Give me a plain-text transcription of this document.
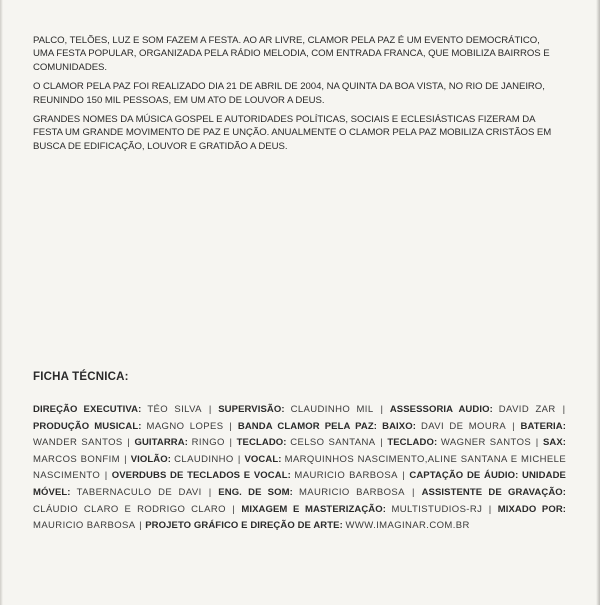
PALCO, TELÕES, LUZ E SOM FAZEM A FESTA. AO AR LIVRE, CLAMOR PELA PAZ É UM EVENTO DEMOCRÁTICO, UMA FESTA POPULAR, ORGANIZADA PELA RÁDIO MELODIA, COM ENTRADA FRANCA, QUE MOBILIZA BAIRROS E COMUNIDADES.

O CLAMOR PELA PAZ FOI REALIZADO DIA 21 DE ABRIL DE 2004, NA QUINTA DA BOA VISTA, NO RIO DE JANEIRO, REUNINDO 150 MIL PESSOAS, EM UM ATO DE LOUVOR A DEUS.

GRANDES NOMES DA MÚSICA GOSPEL E AUTORIDADES POLÍTICAS, SOCIAIS E ECLESIÁSTICAS FIZERAM DA FESTA UM GRANDE MOVIMENTO DE PAZ E UNÇÃO. ANUALMENTE O CLAMOR PELA PAZ MOBILIZA CRISTÃOS EM BUSCA DE EDIFICAÇÃO, LOUVOR E GRATIDÃO A DEUS.

FICHA TÉCNICA:

DIREÇÃO EXECUTIVA: TÉO SILVA | SUPERVISÃO: CLAUDINHO MIL | ASSESSORIA AUDIO: DAVID ZAR | PRODUÇÃO MUSICAL: MAGNO LOPES | BANDA CLAMOR PELA PAZ: BAIXO: DAVI DE MOURA | BATERIA: WANDER SANTOS | GUITARRA: RINGO | TECLADO: CELSO SANTANA | TECLADO: WAGNER SANTOS | SAX: MARCOS BONFIM | VIOLÃO: CLAUDINHO | VOCAL: MARQUINHOS NASCIMENTO,ALINE SANTANA E MICHELE NASCIMENTO | OVERDUBS DE TECLADOS E VOCAL: MAURICIO BARBOSA | CAPTAÇÃO DE ÁUDIO: UNIDADE MÓVEL: TABERNACULO DE DAVI | ENG. DE SOM: MAURICIO BARBOSA | ASSISTENTE DE GRAVAÇÃO: CLÁUDIO CLARO E RODRIGO CLARO | MIXAGEM E MASTERIZAÇÃO: MULTISTUDIOS-RJ | MIXADO POR: MAURICIO BARBOSA | PROJETO GRÁFICO E DIREÇÃO DE ARTE: WWW.IMAGINAR.COM.BR
